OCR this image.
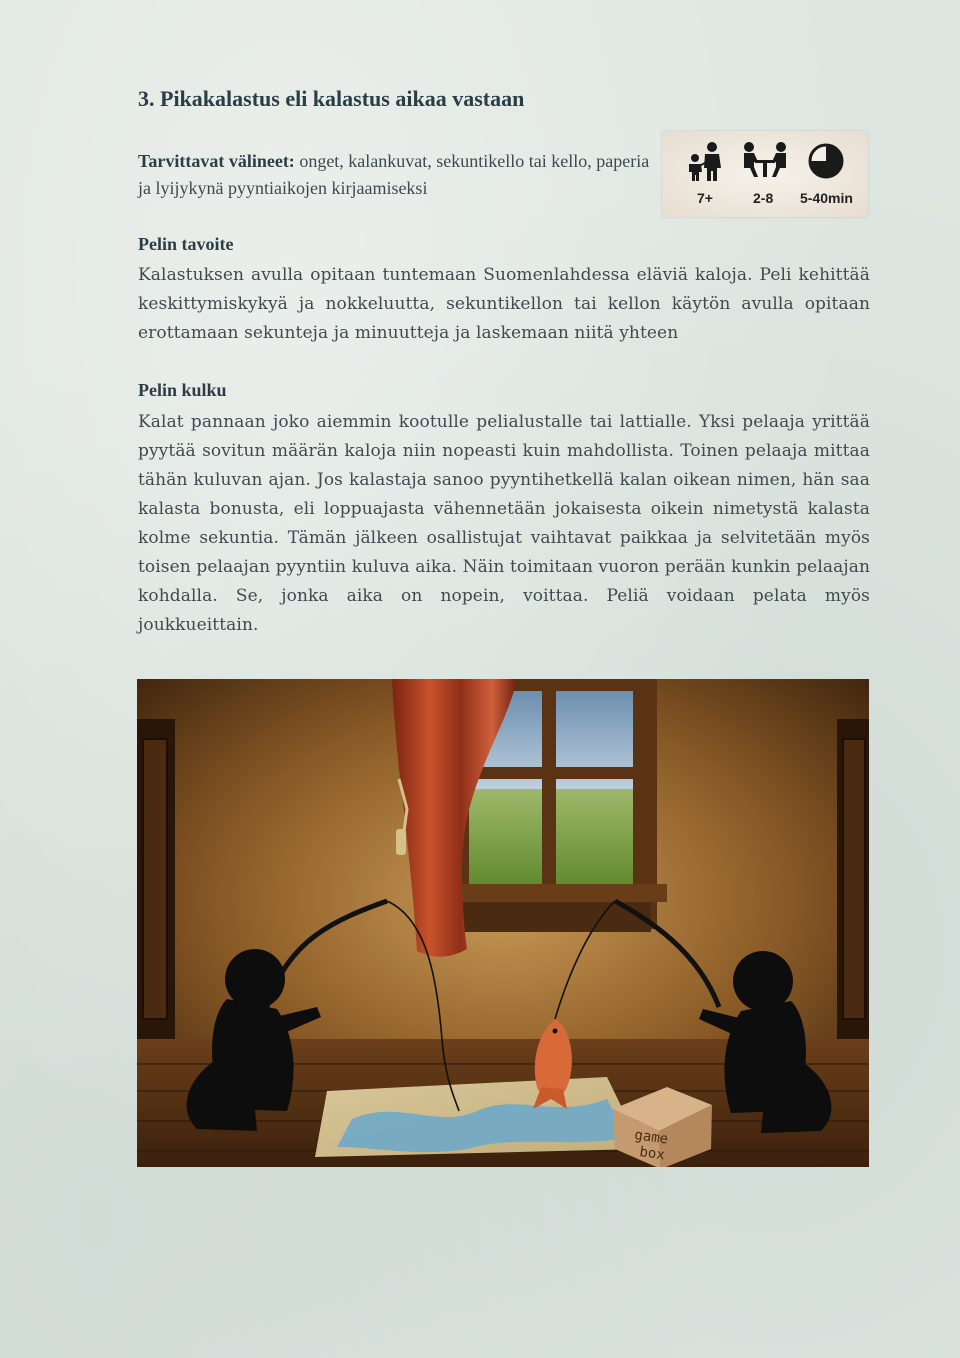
3. Pikakalastus eli kalastus aikaa vastaan
Tarvittavat välineet: onget, kalankuvat, sekuntikello tai kello, paperia ja lyijykynä pyyntiaikojen kirjaamiseksi	7+	2-8 5-40min
Pelin tavoite

Kalastuksen avulla opitaan tuntemaan Suomenlahdessa eläviä kaloja. Peli kehittää keskittymiskykyä ja nokkeluutta, sekuntikellon tai kellon käytön avulla opitaan erottamaan sekunteja ja minuutteja ja laskemaan niitä yhteen

Pelin kulku

Kalat pannaan joko aiemmin kootulle pelialustalle tai lattialle. Yksi pelaaja yrittää pyytää sovitun määrän kaloja niin nopeasti kuin mahdollista. Toinen pelaaja mittaa tähän kuluvan ajan. Jos kalastaja sanoo pyyntihetkellä kalan oikean nimen, hän saa kalasta bonusta, eli loppuajasta vähennetään jokaisesta oikein nimetystä kalasta kolme sekuntia. Tämän jälkeen osallistujat vaihtavat paikkaa ja selvitetään myös toisen pelaajan pyyntiin kuluva aika. Näin toimitaan vuoron perään kunkin pelaajan kohdalla. Se, jonka aika on nopein, voittaa. Peliä voidaan pelata myös joukkueittain.

game
box
